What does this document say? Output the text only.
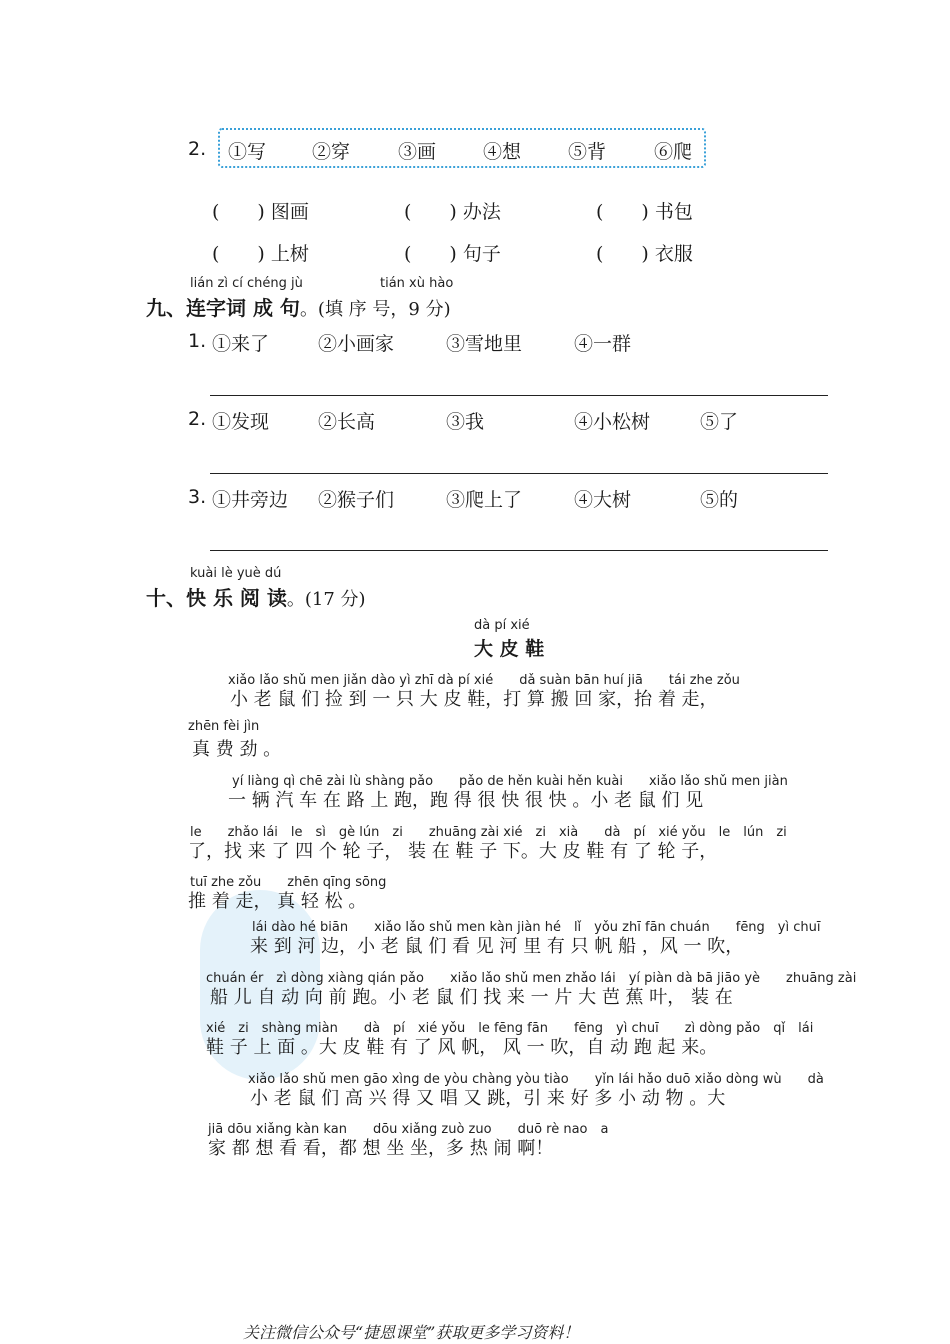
2. ①写 ②穿	③画 ④想 ⑤背	⑥爬
(　　) 图画	(　　) 办法	(　　) 书包
(　　) 上树	(　　) 句子	(　　) 衣服
lián zì cí chéng jù	tián xù hào
九、连字词 成 句。(填 序 号，9 分)
1. ①来了	②小画家	③雪地里	④一群
2. ①发现	②长高	③我	④小松树	⑤了
3. ①井旁边 ②猴子们	③爬上了	④大树	⑤的
kuài lè yuè dú
十、快 乐 阅 读。(17 分)
dà pí xié
大 皮 鞋
xiǎo lǎo shǔ men jiǎn dào yì zhī dà pí xié　　dǎ suàn bān huí jiā　　tái zhe zǒu
小 老 鼠 们 捡 到 一 只 大 皮 鞋，打 算 搬 回 家，抬 着 走，
zhēn fèi jìn
真 费 劲 。
yí liàng qì chē zài lù shàng pǎo　　pǎo de hěn kuài hěn kuài　　xiǎo lǎo shǔ men jiàn
一 辆 汽 车 在 路 上 跑，跑 得 很 快 很 快 。小 老 鼠 们 见
le　　zhǎo lái　le　sì　gè lún　zi　　zhuāng zài xié　zi　xià　　dà　pí　xié yǒu　le　lún　zi
了，找 来 了 四 个 轮 子， 装 在 鞋 子 下。大 皮 鞋 有 了 轮 子，
tuī zhe zǒu　　zhēn qīng sōng
推 着 走， 真 轻 松 。
lái dào hé biān　　xiǎo lǎo shǔ men kàn jiàn hé　lǐ　yǒu zhī fān chuán　　fēng　yì chuī
来 到 河 边，小 老 鼠 们 看 见 河 里 有 只 帆 船 ，风 一 吹，
chuán ér　zì dòng xiàng qián pǎo　　xiǎo lǎo shǔ men zhǎo lái　yí piàn dà bā jiāo yè　　zhuāng zài
船 儿 自 动 向 前 跑。小 老 鼠 们 找 来 一 片 大 芭 蕉 叶， 装 在
xié　zi　shàng miàn　　dà　pí　xié yǒu　le fēng fān　　fēng　yì chuī　　zì dòng pǎo　qǐ　lái
鞋 子 上 面 。大 皮 鞋 有 了 风 帆， 风 一 吹，自 动 跑 起 来。
xiǎo lǎo shǔ men gāo xìng de yòu chàng yòu tiào　　yǐn lái hǎo duō xiǎo dòng wù　　dà
小 老 鼠 们 高 兴 得 又 唱 又 跳，引 来 好 多 小 动 物 。大
jiā dōu xiǎng kàn kan　　dōu xiǎng zuò zuo　　duō rè nao　a
家 都 想 看 看，都 想 坐 坐，多 热 闹 啊！
关注微信公众号“捷恩课堂”获取更多学习资料！
